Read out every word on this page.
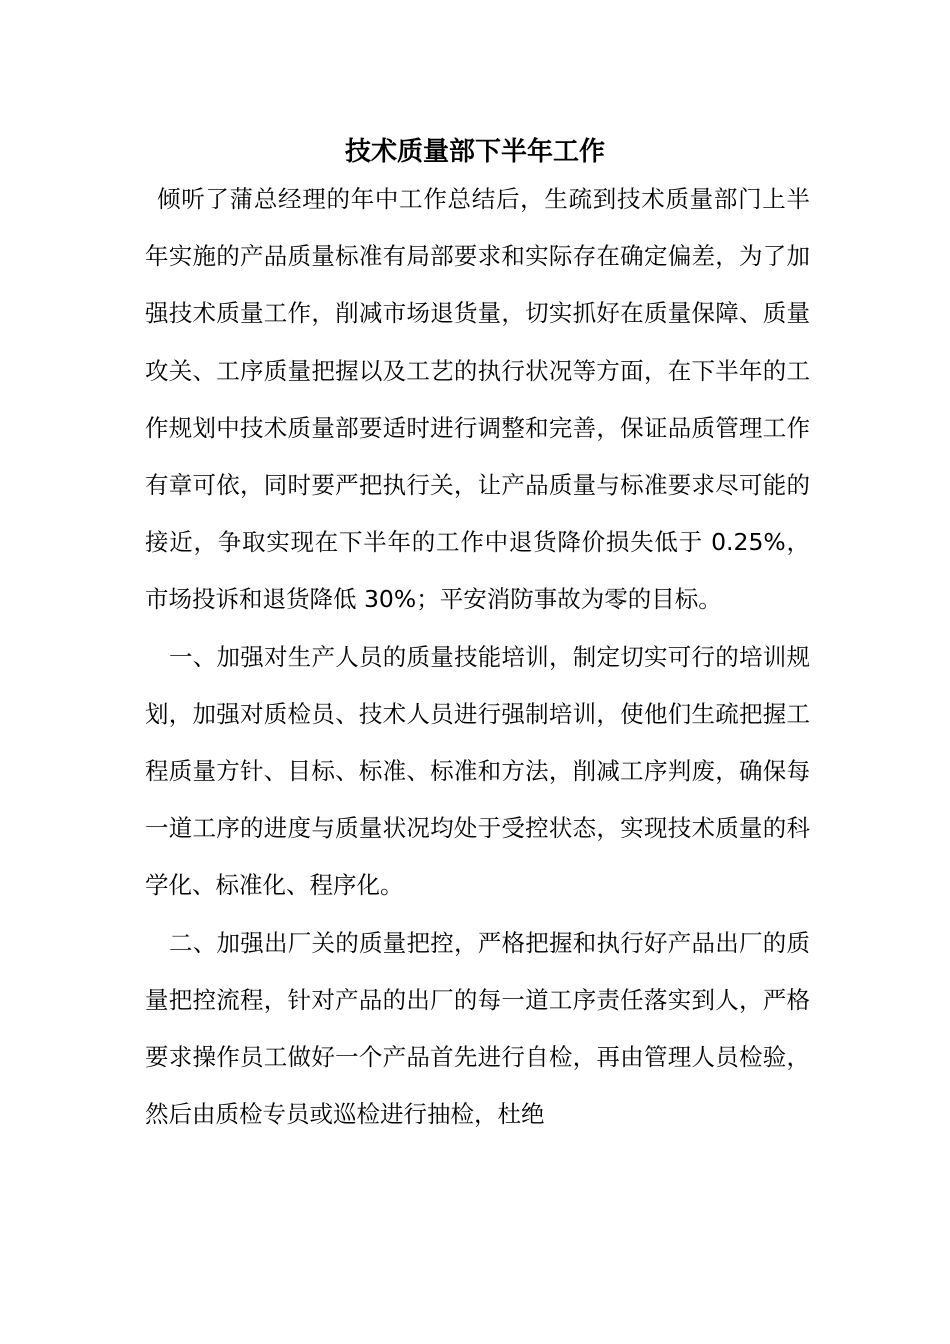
技术质量部下半年工作

倾听了蒲总经理的年中工作总结后，生疏到技术质量部门上半年实施的产品质量标准有局部要求和实际存在确定偏差，为了加强技术质量工作，削减市场退货量，切实抓好在质量保障、质量攻关、工序质量把握以及工艺的执行状况等方面，在下半年的工作规划中技术质量部要适时进行调整和完善，保证品质管理工作有章可依，同时要严把执行关，让产品质量与标准要求尽可能的接近，争取实现在下半年的工作中退货降价损失低于 0.25%，市场投诉和退货降低 30%；平安消防事故为零的目标。

一、加强对生产人员的质量技能培训，制定切实可行的培训规划，加强对质检员、技术人员进行强制培训，使他们生疏把握工程质量方针、目标、标准、标准和方法，削减工序判废，确保每一道工序的进度与质量状况均处于受控状态，实现技术质量的科学化、标准化、程序化。

二、加强出厂关的质量把控，严格把握和执行好产品出厂的质量把控流程，针对产品的出厂的每一道工序责任落实到人，严格要求操作员工做好一个产品首先进行自检，再由管理人员检验，然后由质检专员或巡检进行抽检，杜绝
